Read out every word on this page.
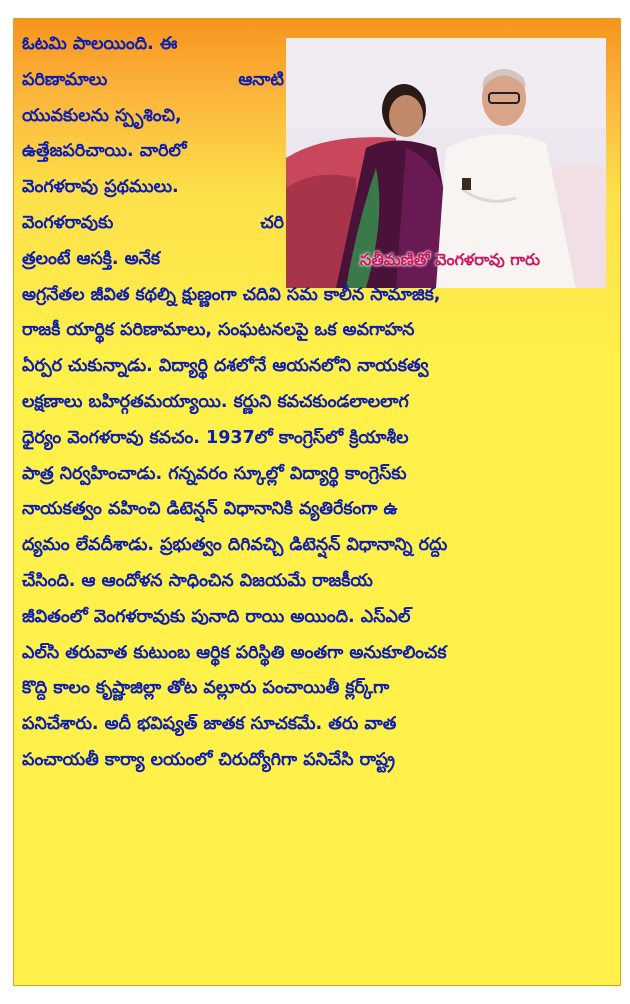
సతీమణితో వెంగళరావు గారు
ఓటమి పాలయింది. ఈ
పరిణామాలు	ఆనాటి
యువకులను స్పృశించి,
ఉత్తేజపరిచాయి. వారిలో
వెంగళరావు ప్రథములు.
వెంగళరావుకు	చరి
త్రలంటే ఆసక్తి. అనేక
అగ్రనేతల జీవిత కథల్ని క్షుణ్ణంగా చదివి సమ కాలీన సామాజిక,
రాజకీ యార్థిక పరిణామాలు, సంఘటనలపై ఒక అవగాహన
ఏర్పర చుకున్నాడు. విద్యార్థి దశలోనే ఆయనలోని నాయకత్వ
లక్షణాలు బహిర్గతమయ్యాయి. కర్ణుని కవచకుండలాలలాగ
ధైర్యం వెంగళరావు కవచం. 1937లో కాంగ్రెస్‌లో క్రియాశీల
పాత్ర నిర్వహించాడు. గన్నవరం స్కూల్లో విద్యార్థి కాంగ్రెస్‌కు
నాయకత్వం వహించి డిటెన్షన్ విధానానికి వ్యతిరేకంగా ఉ
ద్యమం లేవదీశాడు. ప్రభుత్వం దిగివచ్చి డిటెన్షన్ విధానాన్ని రద్దు
చేసింది. ఆ ఆందోళన సాధించిన విజయమే రాజకీయ
జీవితంలో వెంగళరావుకు పునాది రాయి అయింది. ఎస్ఎల్
ఎల్‌సి తరువాత కుటుంబ ఆర్థిక పరిస్థితి అంతగా అనుకూలించక
కొద్ది కాలం కృష్ణాజిల్లా తోట వల్లూరు పంచాయితీ క్లర్క్‌గా
పనిచేశారు. అదీ భవిష్యత్ జాతక సూచకమే. తరు వాత
పంచాయతీ కార్యా లయంలో చిరుద్యోగిగా పనిచేసి రాష్ట్ర
